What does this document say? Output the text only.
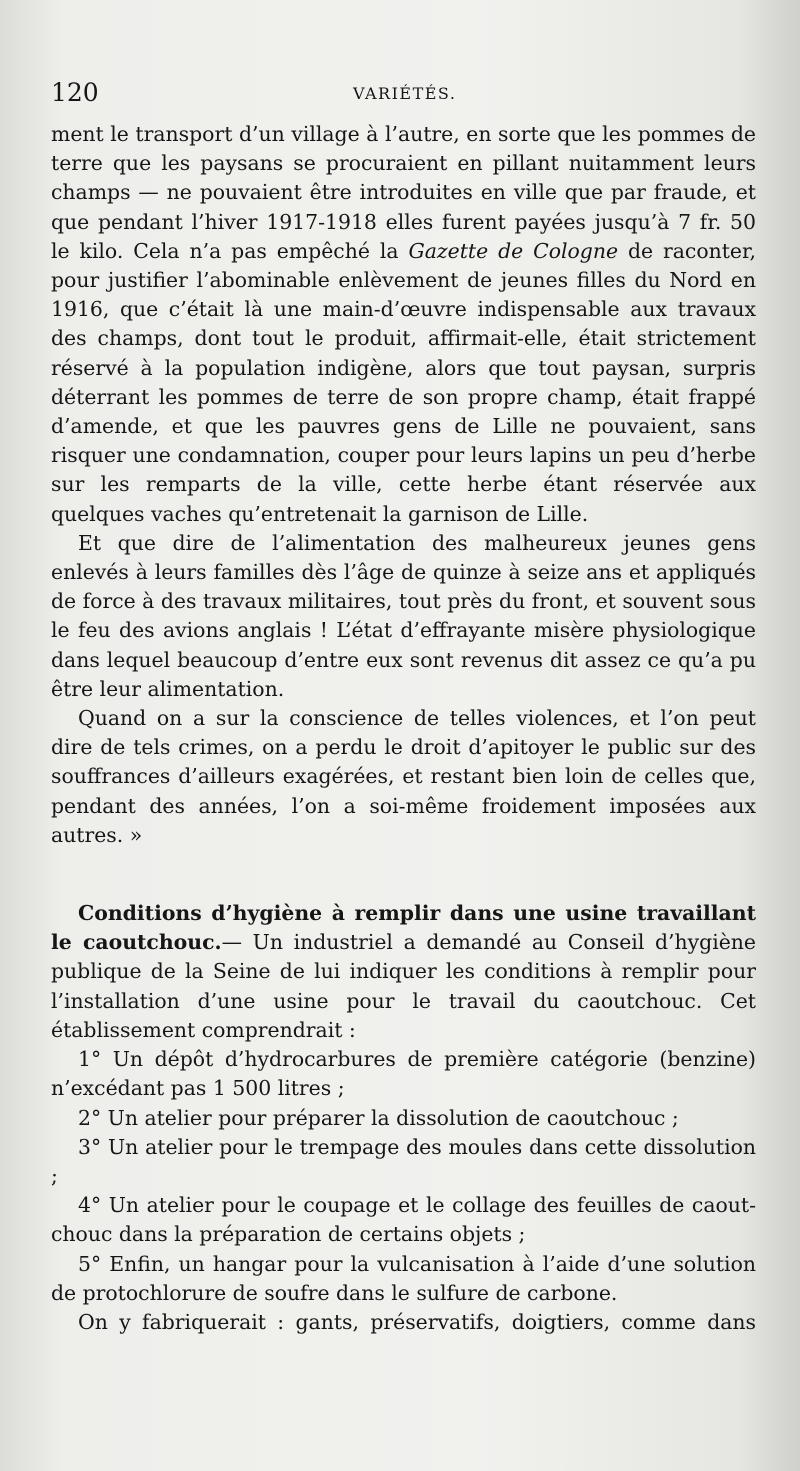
120	VARIÉTÉS.

ment le transport d’un village à l’autre, en sorte que les pommes de terre que les paysans se procuraient en pillant nuitamment leurs champs — ne pouvaient être introduites en ville que par fraude, et que pendant l’hiver 1917-1918 elles furent payées jusqu’à 7 fr. 50 le kilo. Cela n’a pas empêché la Gazette de Cologne de raconter, pour justifier l’abominable enlèvement de jeunes filles du Nord en 1916, que c’était là une main-d’œuvre indispensable aux travaux des champs, dont tout le produit, affirmait-elle, était strictement réservé à la population indigène, alors que tout paysan, surpris déterrant les pommes de terre de son propre champ, était frappé d’amende, et que les pauvres gens de Lille ne pouvaient, sans risquer une condamnation, couper pour leurs lapins un peu d’herbe sur les remparts de la ville, cette herbe étant réservée aux quelques vaches qu’entretenait la garnison de Lille.

Et que dire de l’alimentation des malheureux jeunes gens enlevés à leurs familles dès l’âge de quinze à seize ans et appliqués de force à des travaux militaires, tout près du front, et souvent sous le feu des avions anglais ! L’état d’effrayante misère physiologique dans lequel beaucoup d’entre eux sont revenus dit assez ce qu’a pu être leur alimentation.

Quand on a sur la conscience de telles violences, et l’on peut dire de tels crimes, on a perdu le droit d’apitoyer le public sur des souffrances d’ailleurs exagérées, et restant bien loin de celles que, pendant des années, l’on a soi-même froidement imposées aux autres. »

Conditions d’hygiène à remplir dans une usine travaillant le caoutchouc.— Un industriel a demandé au Conseil d’hygiène publique de la Seine de lui indiquer les conditions à remplir pour l’installation d’une usine pour le travail du caoutchouc. Cet établissement comprendrait :

1° Un dépôt d’hydrocarbures de première catégorie (benzine) n’excédant pas 1 500 litres ;

2° Un atelier pour préparer la dissolution de caoutchouc ;

3° Un atelier pour le trempage des moules dans cette dissolution ;

4° Un atelier pour le coupage et le collage des feuilles de caoutchouc dans la préparation de certains objets ;

5° Enfin, un hangar pour la vulcanisation à l’aide d’une solution de protochlorure de soufre dans le sulfure de carbone.

On y fabriquerait : gants, préservatifs, doigtiers, comme dans
